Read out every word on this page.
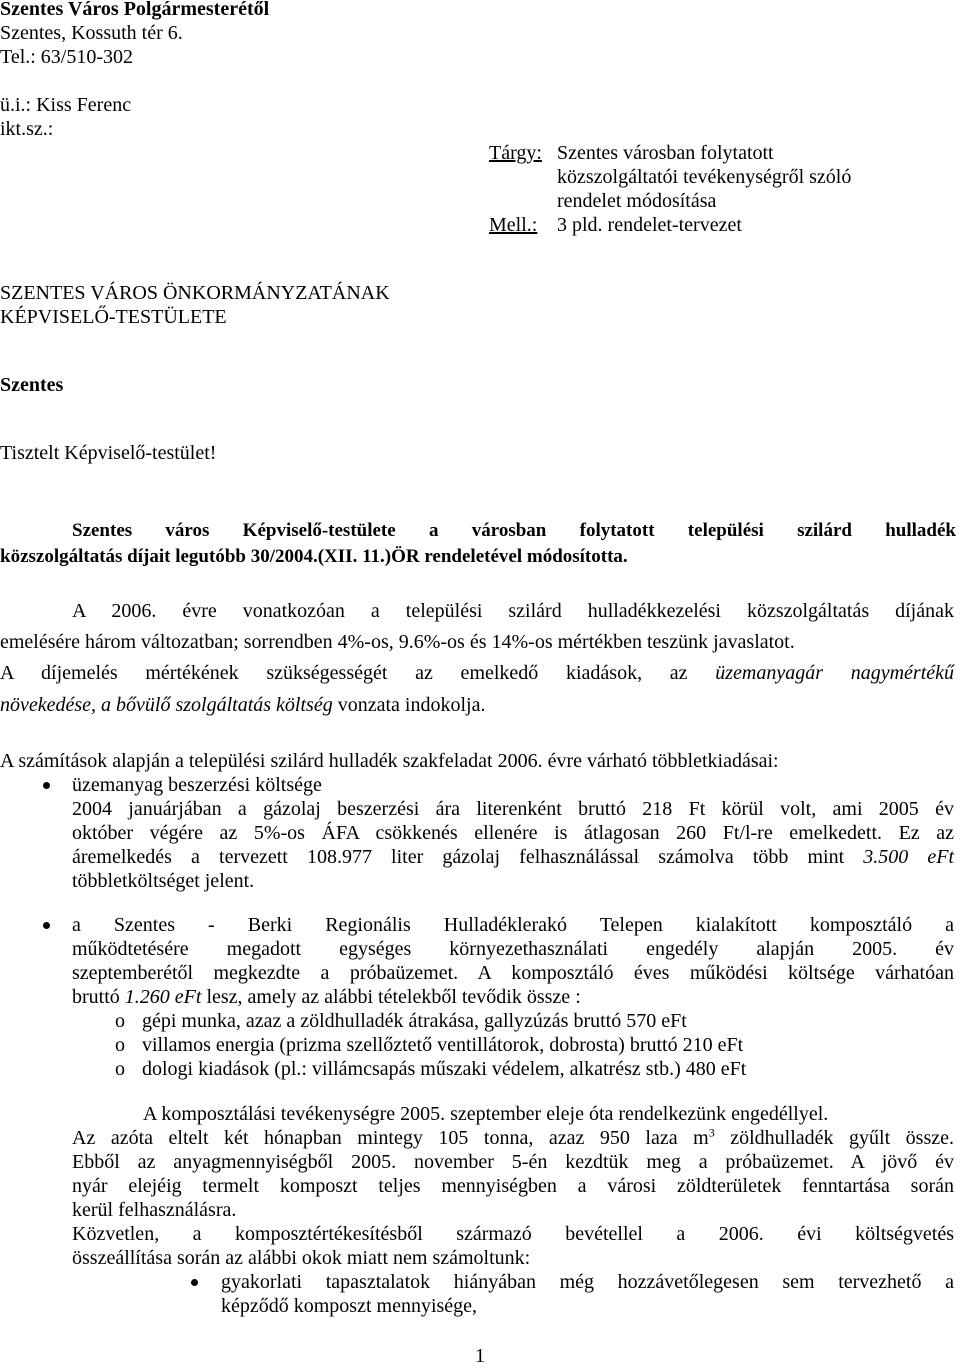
Szentes Város Polgármesterétől
Szentes, Kossuth tér 6.
Tel.: 63/510-302
ü.i.: Kiss Ferenc
ikt.sz.:
Tárgy: Szentes városban folytatott
közszolgáltatói tevékenységről szóló
rendelet módosítása
Mell.: 3 pld. rendelet-tervezet
SZENTES VÁROS ÖNKORMÁNYZATÁNAK
KÉPVISELŐ-TESTÜLETE
Szentes
Tisztelt Képviselő-testület!
Szentes város Képviselő-testülete a városban folytatott települési szilárd hulladék
közszolgáltatás díjait legutóbb 30/2004.(XII. 11.)ÖR rendeletével módosította.
A 2006. évre vonatkozóan a települési szilárd hulladékkezelési közszolgáltatás díjának
emelésére három változatban; sorrendben 4%-os, 9.6%-os és 14%-os mértékben teszünk javaslatot.
A díjemelés mértékének szükségességét az emelkedő kiadások, az üzemanyagár nagymértékű
növekedése, a bővülő szolgáltatás költség vonzata indokolja.
A számítások alapján a települési szilárd hulladék szakfeladat 2006. évre várható többletkiadásai:
üzemanyag beszerzési költsége
2004 januárjában a gázolaj beszerzési ára literenként bruttó 218 Ft körül volt, ami 2005 év
október végére az 5%-os ÁFA csökkenés ellenére is átlagosan 260 Ft/l-re emelkedett. Ez az
áremelkedés a tervezett 108.977 liter gázolaj felhasználással számolva több mint 3.500 eFt
többletköltséget jelent.
a Szentes - Berki Regionális Hulladéklerakó Telepen kialakított komposztáló a
működtetésére megadott egységes környezethasználati engedély alapján 2005. év
szeptemberétől megkezdte a próbaüzemet. A komposztáló éves működési költsége várhatóan
bruttó 1.260 eFt lesz, amely az alábbi tételekből tevődik össze :
o gépi munka, azaz a zöldhulladék átrakása, gallyzúzás bruttó 570 eFt
o villamos energia (prizma szellőztető ventillátorok, dobrosta) bruttó 210 eFt
o dologi kiadások (pl.: villámcsapás műszaki védelem, alkatrész stb.) 480 eFt
A komposztálási tevékenységre 2005. szeptember eleje óta rendelkezünk engedéllyel.
Az azóta eltelt két hónapban mintegy 105 tonna, azaz 950 laza $m^3$ zöldhulladék gyűlt össze.
Ebből az anyagmennyiségből 2005. november 5-én kezdtük meg a próbaüzemet. A jövő év
nyár elejéig termelt komposzt teljes mennyiségben a városi zöldterületek fenntartása során
kerül felhasználásra.
Közvetlen, a komposztértékesítésből származó bevétellel a 2006. évi költségvetés
összeállítása során az alábbi okok miatt nem számoltunk:
gyakorlati tapasztalatok hiányában még hozzávetőlegesen sem tervezhető a
képződő komposzt mennyisége,
1
